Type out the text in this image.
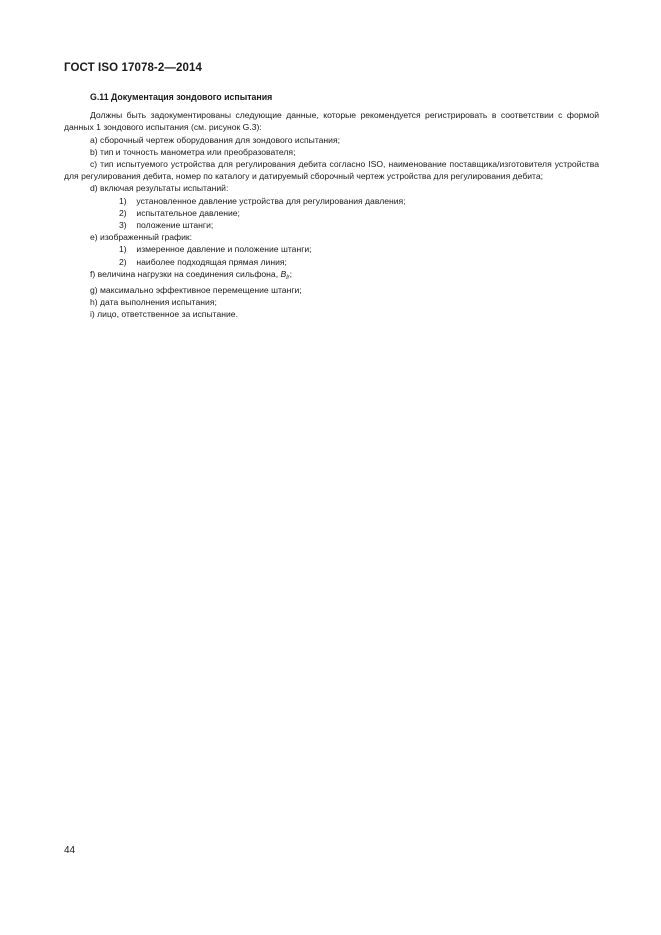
ГОСТ ISO 17078-2—2014
G.11 Документация зондового испытания

Должны быть задокументированы следующие данные, которые рекомендуется регистрировать в соответствии с формой данных 1 зондового испытания (см. рисунок G.3):

a) сборочный чертеж оборудования для зондового испытания;

b) тип и точность манометра или преобразователя;

c) тип испытуемого устройства для регулирования дебита согласно ISO, наименование поставщика/изготовителя устройства для регулирования дебита, номер по каталогу и датируемый сборочный чертеж устройства для регулирования дебита;

d) включая результаты испытаний:

1) установленное давление устройства для регулирования давления;

2) испытательное давление;

3) положение штанги;

e) изображенный график:

1) измеренное давление и положение штанги;

2) наиболее подходящая прямая линия;

f) величина нагрузки на соединения сильфона, $B_{lr}$;

g) максимально эффективное перемещение штанги;

h) дата выполнения испытания;

i) лицо, ответственное за испытание.

44
